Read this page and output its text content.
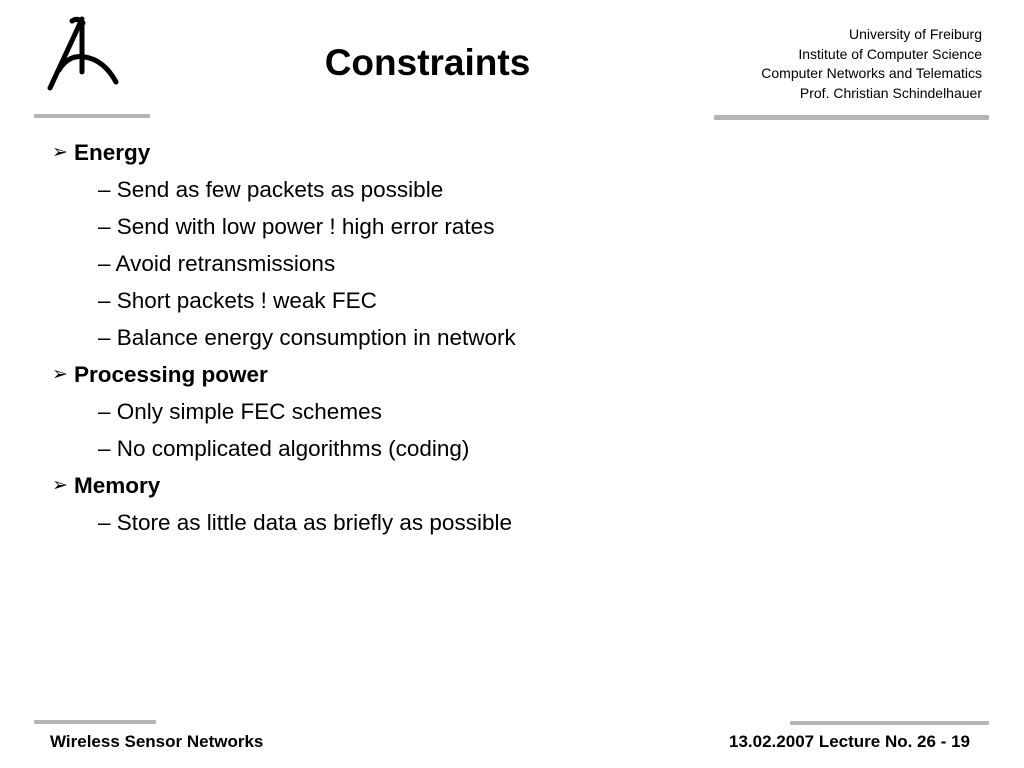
Constraints
University of Freiburg
Institute of Computer Science
Computer Networks and Telematics
Prof. Christian Schindelhauer
➢ Energy
– Send as few packets as possible
– Send with low power ! high error rates
– Avoid retransmissions
– Short packets ! weak FEC
– Balance energy consumption in network
➢ Processing power
– Only simple FEC schemes
– No complicated algorithms (coding)
➢ Memory
– Store as little data as briefly as possible
Wireless Sensor Networks	13.02.2007 Lecture No. 26 - 19
